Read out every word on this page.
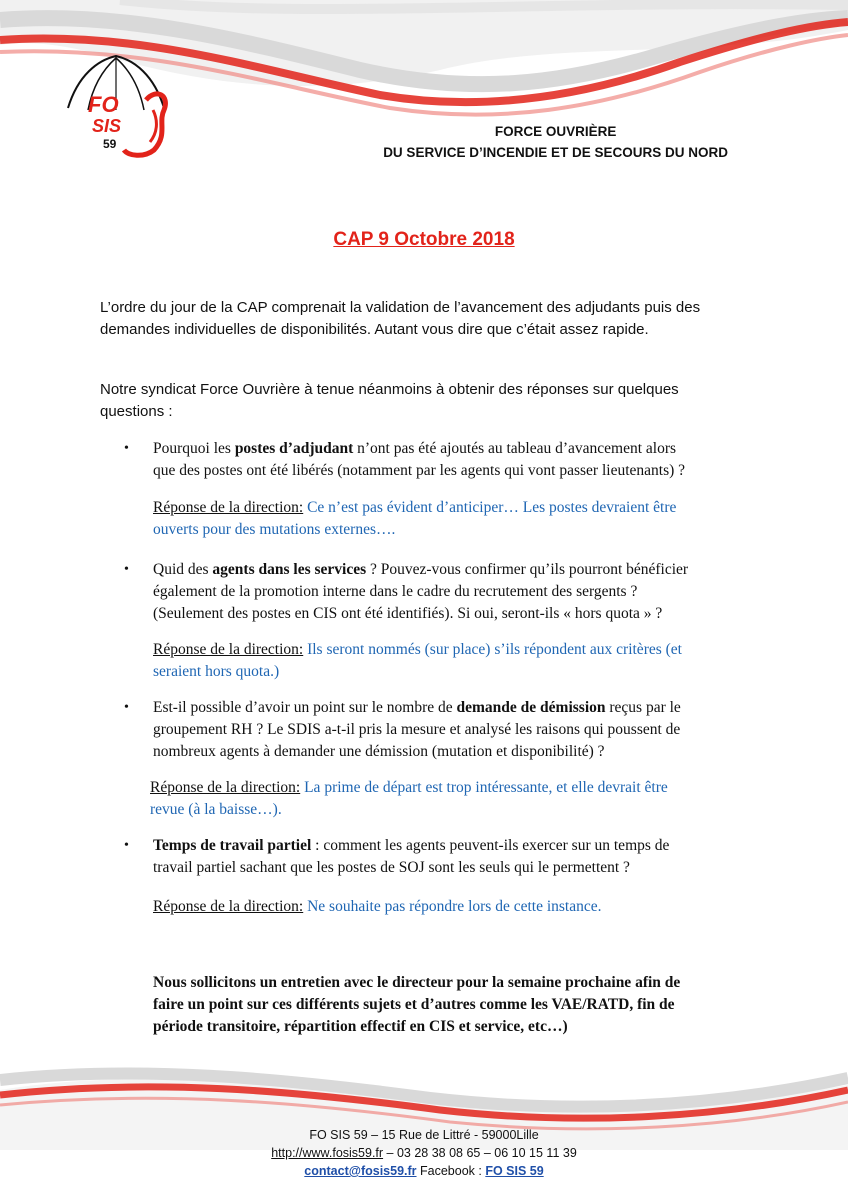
FO
SIS
59
FORCE OUVRIÈRE
DU SERVICE D’INCENDIE ET DE SECOURS DU NORD
CAP 9 Octobre 2018
L’ordre du jour de la CAP comprenait la validation de l’avancement des adjudants puis des
demandes individuelles de disponibilités. Autant vous dire que c’était assez rapide.
Notre syndicat Force Ouvrière à tenue néanmoins à obtenir des réponses sur quelques
questions :
• Pourquoi les postes d’adjudant n’ont pas été ajoutés au tableau d’avancement alors
que des postes ont été libérés (notamment par les agents qui vont passer lieutenants) ?
Réponse de la direction: Ce n’est pas évident d’anticiper… Les postes devraient être
ouverts pour des mutations externes….
• Quid des agents dans les services ? Pouvez-vous confirmer qu’ils pourront bénéficier
également de la promotion interne dans le cadre du recrutement des sergents ?
(Seulement des postes en CIS ont été identifiés). Si oui, seront-ils « hors quota » ?
Réponse de la direction: Ils seront nommés (sur place) s’ils répondent aux critères (et
seraient hors quota.)
• Est-il possible d’avoir un point sur le nombre de demande de démission reçus par le
groupement RH ? Le SDIS a-t-il pris la mesure et analysé les raisons qui poussent de
nombreux agents à demander une démission (mutation et disponibilité) ?
Réponse de la direction: La prime de départ est trop intéressante, et elle devrait être
revue (à la baisse…).
• Temps de travail partiel : comment les agents peuvent-ils exercer sur un temps de
travail partiel sachant que les postes de SOJ sont les seuls qui le permettent ?
Réponse de la direction: Ne souhaite pas répondre lors de cette instance.
Nous sollicitons un entretien avec le directeur pour la semaine prochaine afin de
faire un point sur ces différents sujets et d’autres comme les VAE/RATD, fin de
période transitoire, répartition effectif en CIS et service, etc…)
FO SIS 59 – 15 Rue de Littré - 59000Lille
http://www.fosis59.fr – 03 28 38 08 65 – 06 10 15 11 39
contact@fosis59.fr Facebook : FO SIS 59
